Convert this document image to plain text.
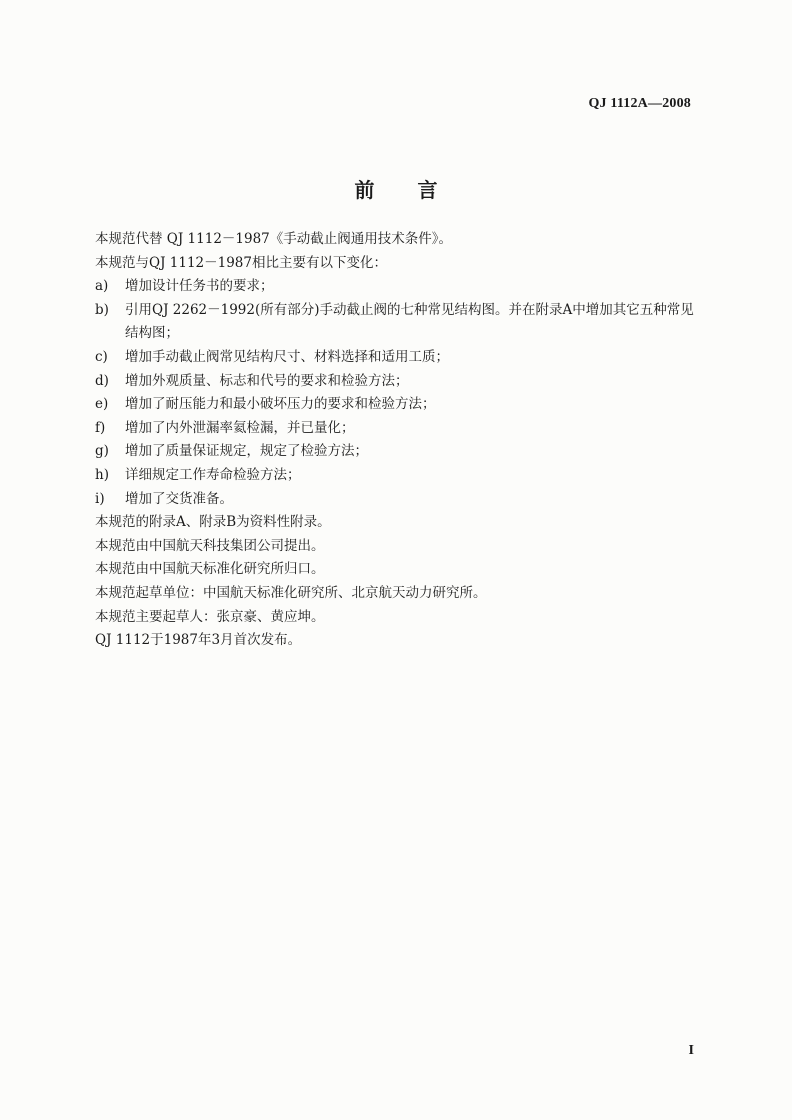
QJ 1112A—2008
前 言
本规范代替 QJ 1112－1987《手动截止阀通用技术条件》。
本规范与QJ 1112－1987相比主要有以下变化：
a)	增加设计任务书的要求；
b)	引用QJ 2262－1992(所有部分)手动截止阀的七种常见结构图。并在附录A中增加其它五种常见
结构图；
c)	增加手动截止阀常见结构尺寸、材料选择和适用工质；
d)	增加外观质量、标志和代号的要求和检验方法；
e)	增加了耐压能力和最小破坏压力的要求和检验方法；
f)	增加了内外泄漏率氦检漏，并已量化；
g)	增加了质量保证规定，规定了检验方法；
h)	详细规定工作寿命检验方法；
i)	增加了交货准备。
本规范的附录A、附录B为资料性附录。
本规范由中国航天科技集团公司提出。
本规范由中国航天标准化研究所归口。
本规范起草单位：中国航天标准化研究所、北京航天动力研究所。
本规范主要起草人：张京豪、黄应坤。
QJ 1112于1987年3月首次发布。
I
